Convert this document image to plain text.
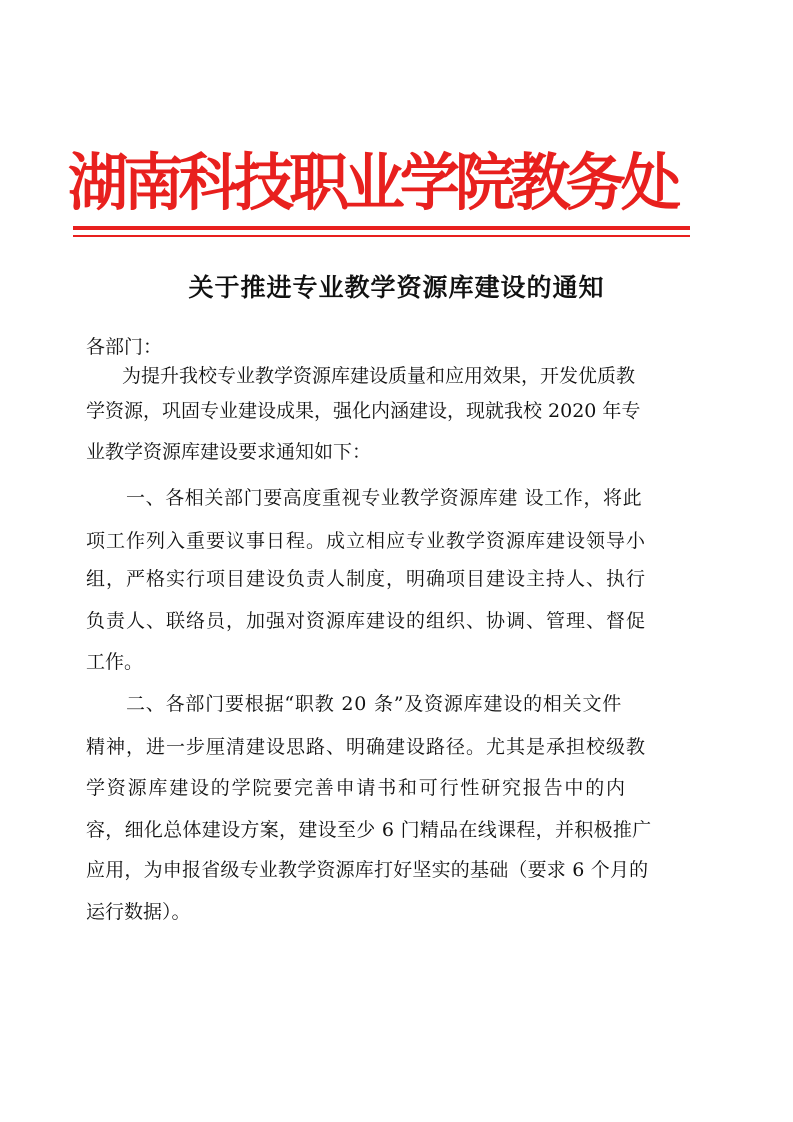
湖南科技职业学院教务处
关于推进专业教学资源库建设的通知
各部门：
为提升我校专业教学资源库建设质量和应用效果，开发优质教
学资源，巩固专业建设成果，强化内涵建设，现就我校 2020 年专
业教学资源库建设要求通知如下：
一、各相关部门要高度重视专业教学资源库建 设工作，将此
项工作列入重要议事日程。成立相应专业教学资源库建设领导小
组，严格实行项目建设负责人制度，明确项目建设主持人、执行
负责人、联络员，加强对资源库建设的组织、协调、管理、督促
工作。
二、各部门要根据“职教 20 条”及资源库建设的相关文件
精神，进一步厘清建设思路、明确建设路径。尤其是承担校级教
学资源库建设的学院要完善申请书和可行性研究报告中的内
容，细化总体建设方案，建设至少 6 门精品在线课程，并积极推广
应用，为申报省级专业教学资源库打好坚实的基础（要求 6 个月的
运行数据）。
